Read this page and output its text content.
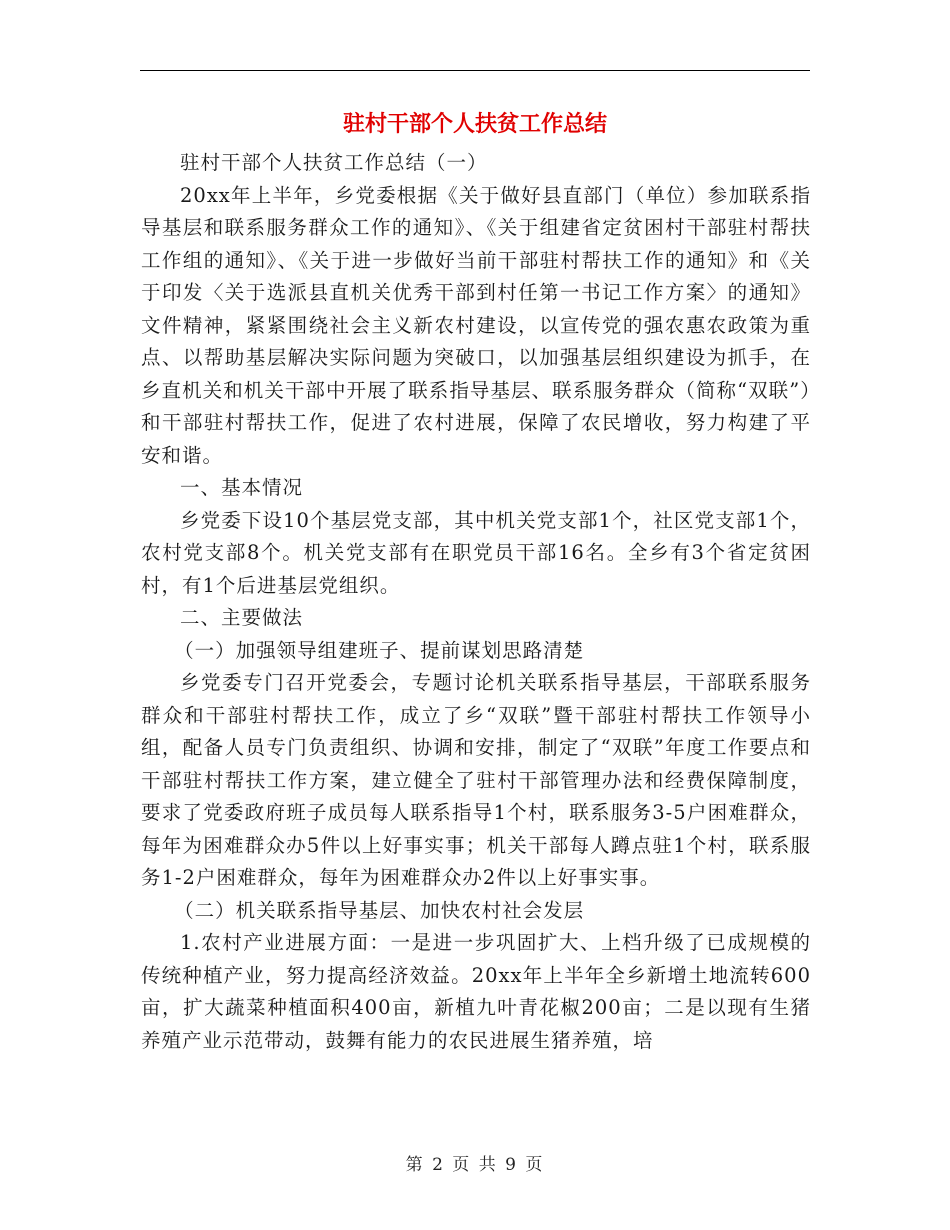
驻村干部个人扶贫工作总结

驻村干部个人扶贫工作总结（一）

20xx年上半年，乡党委根据《关于做好县直部门（单位）参加联系指导基层和联系服务群众工作的通知》、《关于组建省定贫困村干部驻村帮扶工作组的通知》、《关于进一步做好当前干部驻村帮扶工作的通知》和《关于印发〈关于选派县直机关优秀干部到村任第一书记工作方案〉的通知》文件精神，紧紧围绕社会主义新农村建设，以宣传党的强农惠农政策为重点、以帮助基层解决实际问题为突破口，以加强基层组织建设为抓手，在乡直机关和机关干部中开展了联系指导基层、联系服务群众（简称“双联”）和干部驻村帮扶工作，促进了农村进展，保障了农民增收，努力构建了平安和谐。

一、基本情况

乡党委下设10个基层党支部，其中机关党支部1个，社区党支部1个，农村党支部8个。机关党支部有在职党员干部16名。全乡有3个省定贫困村，有1个后进基层党组织。

二、主要做法

（一）加强领导组建班子、提前谋划思路清楚

乡党委专门召开党委会，专题讨论机关联系指导基层，干部联系服务群众和干部驻村帮扶工作，成立了乡“双联”暨干部驻村帮扶工作领导小组，配备人员专门负责组织、协调和安排，制定了“双联”年度工作要点和干部驻村帮扶工作方案，建立健全了驻村干部管理办法和经费保障制度，要求了党委政府班子成员每人联系指导1个村，联系服务3-5户困难群众，每年为困难群众办5件以上好事实事；机关干部每人蹲点驻1个村，联系服务1-2户困难群众，每年为困难群众办2件以上好事实事。

（二）机关联系指导基层、加快农村社会发层

1.农村产业进展方面：一是进一步巩固扩大、上档升级了已成规模的传统种植产业，努力提高经济效益。20xx年上半年全乡新增土地流转600亩，扩大蔬菜种植面积400亩，新植九叶青花椒200亩；二是以现有生猪养殖产业示范带动，鼓舞有能力的农民进展生猪养殖，培

第 2 页 共 9 页
